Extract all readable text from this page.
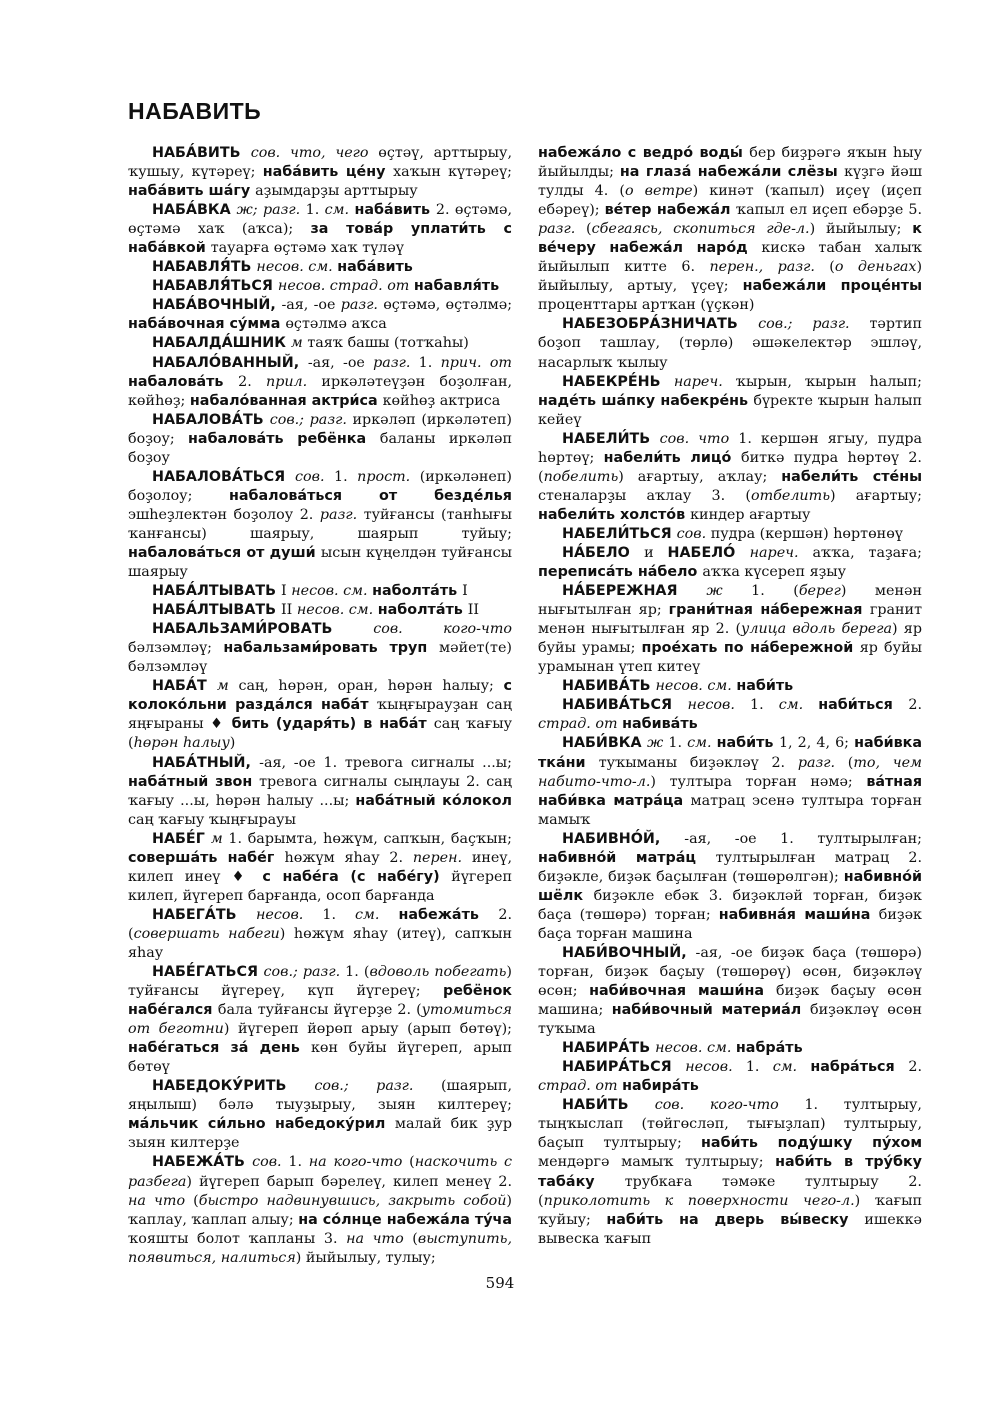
НАБАВИТЬ

НАБА́ВИТЬ сов. что, чего өҫтәү, арттырыу, ҡушыу, күтәреү; наба́вить це́ну хаҡын күтәреү; наба́вить ша́гу аҙымдарҙы арттырыу

НАБА́ВКА ж; разг. 1. см. наба́вить 2. өҫтәмә, өҫтәмә хаҡ (аҡса); за това́р уплати́ть с наба́вкой тауарға өҫтәмә хаҡ түләү

НАБАВЛЯ́ТЬ несов. см. наба́вить

НАБАВЛЯ́ТЬСЯ несов. страд. от набавля́ть

НАБА́ВОЧНЫЙ, -ая, -ое разг. өҫтәмә, өҫтәлмә; наба́вочная су́мма өҫтәлмә аҡса

НАБАЛДА́ШНИК м таяҡ башы (тотҡаһы)

НАБАЛО́ВАННЫЙ, -ая, -ое разг. 1. прич. от набалова́ть 2. прил. иркәләтеүҙән боҙолған, көйһөҙ; набало́ванная актри́са көйһөҙ актриса

НАБАЛОВА́ТЬ сов.; разг. иркәләп (иркәләтеп) боҙоу; набалова́ть ребёнка баланы иркәләп боҙоу

НАБАЛОВА́ТЬСЯ сов. 1. прост. (иркәләнеп) боҙолоу; набалова́ться от безде́лья эшһеҙлектән боҙолоу 2. разг. туйғансы (танһығы ҡанғансы) шаярыу, шаярып туйыу; набалова́ться от души́ ысын күңелдән туйғансы шаярыу

НАБА́ЛТЫВАТЬ I несов. см. наболта́ть I

НАБА́ЛТЫВАТЬ II несов. см. наболта́ть II

НАБАЛЬЗАМИ́РОВАТЬ сов. кого-что бәлзәмләү; набальзами́ровать труп мәйет(те) бәлзәмләү

НАБА́Т м саң, һөрән, оран, һөрән һалыу; с колоко́льни разда́лся наба́т ҡыңғырауҙан саң яңғыраны ♦ бить (ударя́ть) в наба́т саң ҡағыу (һөрән һалыу)

НАБА́ТНЫЙ, -ая, -ое 1. тревога сигналы ...ы; наба́тный звон тревога сигналы сыңлауы 2. саң ҡағыу ...ы, һөрән һалыу ...ы; наба́тный ко́локол саң ҡағыу ҡыңғырауы

НАБЕ́Г м 1. барымта, һөжүм, сапҡын, баҫҡын; соверша́ть набе́г һөжүм яһау 2. перен. инеү, килеп инеү ♦ с набе́га (с набе́гу) йүгереп килеп, йүгереп барғанда, осоп барғанда

НАБЕГА́ТЬ несов. 1. см. набежа́ть 2. (совершать набеги) һөжүм яһау (итеү), сапҡын яһау

НАБЕ́ГАТЬСЯ сов.; разг. 1. (вдоволь побегать) туйғансы йүгереү, күп йүгереү; ребёнок набе́гался бала туйғансы йүгерҙе 2. (утомиться от беготни) йүгереп йөрөп арыу (арып бөтөү); набе́гаться за́ день көн буйы йүгереп, арып бөтөү

НАБЕДОКУ́РИТЬ сов.; разг. (шаярып, яңылыш) бәлә тыуҙырыу, зыян килтереү; ма́льчик си́льно набедоку́рил малай бик ҙур зыян килтерҙе

НАБЕЖА́ТЬ сов. 1. на кого-что (наскочить с разбега) йүгереп барып бәрелеү, килеп менеү 2. на что (быстро надвинувшись, закрыть собой) ҡаплау, ҡаплап алыу; на со́лнце набежа́ла ту́ча ҡояшты болот ҡапланы 3. на что (выступить, появиться, налиться) йыйылыу, тулыу;

набежа́ло с ведро́ воды́ бер биҙрәгә яҡын һыу йыйылды; на глаза́ набежа́ли слёзы күҙгә йәш тулды 4. (о ветре) кинәт (ҡапыл) иҫеү (иҫеп ебәреү); ве́тер набежа́л ҡапыл ел иҫеп ебәрҙе 5. разг. (сбегаясь, скопиться где-л.) йыйылыу; к ве́черу набежа́л наро́д кискә табан халыҡ йыйылып китте 6. перен., разг. (о деньгах) йыйылыу, артыу, үҫеү; набежа́ли проце́нты проценттары артҡан (үҫкән)

НАБЕЗОБРА́ЗНИЧАТЬ сов.; разг. тәртип боҙоп ташлау, (төрлө) әшәкелектәр эшләү, насарлыҡ ҡылыу

НАБЕКРЕ́НЬ нареч. ҡырын, ҡырын һалып; наде́ть ша́пку набекре́нь бүректе ҡырын һалып кейеү

НАБЕЛИ́ТЬ сов. что 1. кершән ягыу, пудра һөртөү; набели́ть лицо́ биткә пудра һөртөү 2. (побелить) ағартыу, аҡлау; набели́ть сте́ны стеналарҙы аҡлау 3. (отбелить) ағартыу; набели́ть холсто́в киндер ағартыу

НАБЕЛИ́ТЬСЯ сов. пудра (кершән) һөртөнөү

НА́БЕЛО и НАБЕЛО́ нареч. аҡҡа, таҙаға; переписа́ть на́бело аҡҡа күсереп яҙыу

НА́БЕРЕЖНАЯ ж 1. (берег) менән нығытылған яр; грани́тная на́бережная гранит менән нығытылған яр 2. (улица вдоль берега) яр буйы урамы; прое́хать по на́бережной яр буйы урамынан үтеп китеү

НАБИВА́ТЬ несов. см. наби́ть

НАБИВА́ТЬСЯ несов. 1. см. наби́ться 2. страд. от набива́ть

НАБИ́ВКА ж 1. см. наби́ть 1, 2, 4, 6; наби́вка тка́ни туҡыманы биҙәкләү 2. разг. (то, чем набито-что-л.) тултыра торған нәмә; ва́тная наби́вка матра́ца матрац эсенә тултыра торған мамыҡ

НАБИВНО́Й, -ая, -ое 1. тултырылған; набивно́й матра́ц тултырылған матрац 2. биҙәкле, биҙәк баҫылған (төшөрөлгән); набивно́й шёлк биҙәкле ебәк 3. биҙәкләй торған, биҙәк баҫа (төшөрә) торған; набивна́я маши́на биҙәк баҫа торған машина

НАБИ́ВОЧНЫЙ, -ая, -ое биҙәк баҫа (төшөрә) торған, биҙәк баҫыу (төшөрөү) өсөн, биҙәкләү өсөн; наби́вочная маши́на биҙәк баҫыу өсөн машина; наби́вочный материа́л биҙәкләү өсөн туҡыма

НАБИРА́ТЬ несов. см. набра́ть

НАБИРА́ТЬСЯ несов. 1. см. набра́ться 2. страд. от набира́ть

НАБИ́ТЬ сов. кого-что 1. тултырыу, тыңҡыслап (төйгөсләп, тығыҙлап) тултырыу, баҫып тултырыу; наби́ть поду́шку пу́хом мендәргә мамыҡ тултырыу; наби́ть в тру́бку таба́ку трубкаға тәмәке тултырыу 2. (приколотить к поверхности чего-л.) ҡағып ҡуйыу; наби́ть на дверь вы́веску ишеккә вывеска ҡағып

594
